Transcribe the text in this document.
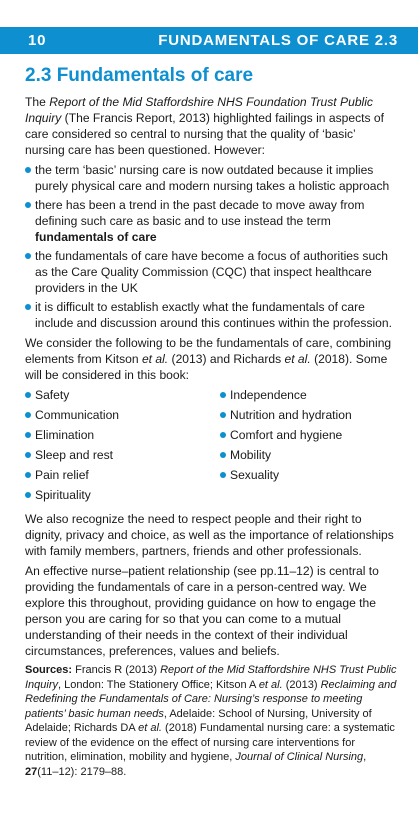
10	FUNDAMENTALS OF CARE 2.3
2.3 Fundamentals of care

The Report of the Mid Staffordshire NHS Foundation Trust Public Inquiry (The Francis Report, 2013) highlighted failings in aspects of care considered so central to nursing that the quality of ‘basic’ nursing care has been questioned. However:

the term ‘basic’ nursing care is now outdated because it implies purely physical care and modern nursing takes a holistic approach
there has been a trend in the past decade to move away from defining such care as basic and to use instead the term fundamentals of care
the fundamentals of care have become a focus of authorities such as the Care Quality Commission (CQC) that inspect healthcare providers in the UK
it is difficult to establish exactly what the fundamentals of care include and discussion around this continues within the profession.

We consider the following to be the fundamentals of care, combining elements from Kitson et al. (2013) and Richards et al. (2018). Some will be considered in this book:

Safety
Communication
Elimination
Sleep and rest
Pain relief
Spirituality
Independence
Nutrition and hydration
Comfort and hygiene
Mobility
Sexuality

We also recognize the need to respect people and their right to dignity, privacy and choice, as well as the importance of relationships with family members, partners, friends and other professionals.

An effective nurse–patient relationship (see pp.11–12) is central to providing the fundamentals of care in a person-centred way. We explore this throughout, providing guidance on how to engage the person you are caring for so that you can come to a mutual understanding of their needs in the context of their individual circumstances, preferences, values and beliefs.

Sources: Francis R (2013) Report of the Mid Staffordshire NHS Trust Public Inquiry, London: The Stationery Office; Kitson A et al. (2013) Reclaiming and Redefining the Fundamentals of Care: Nursing’s response to meeting patients’ basic human needs, Adelaide: School of Nursing, University of Adelaide; Richards DA et al. (2018) Fundamental nursing care: a systematic review of the evidence on the effect of nursing care interventions for nutrition, elimination, mobility and hygiene, Journal of Clinical Nursing, 27(11–12): 2179–88.
